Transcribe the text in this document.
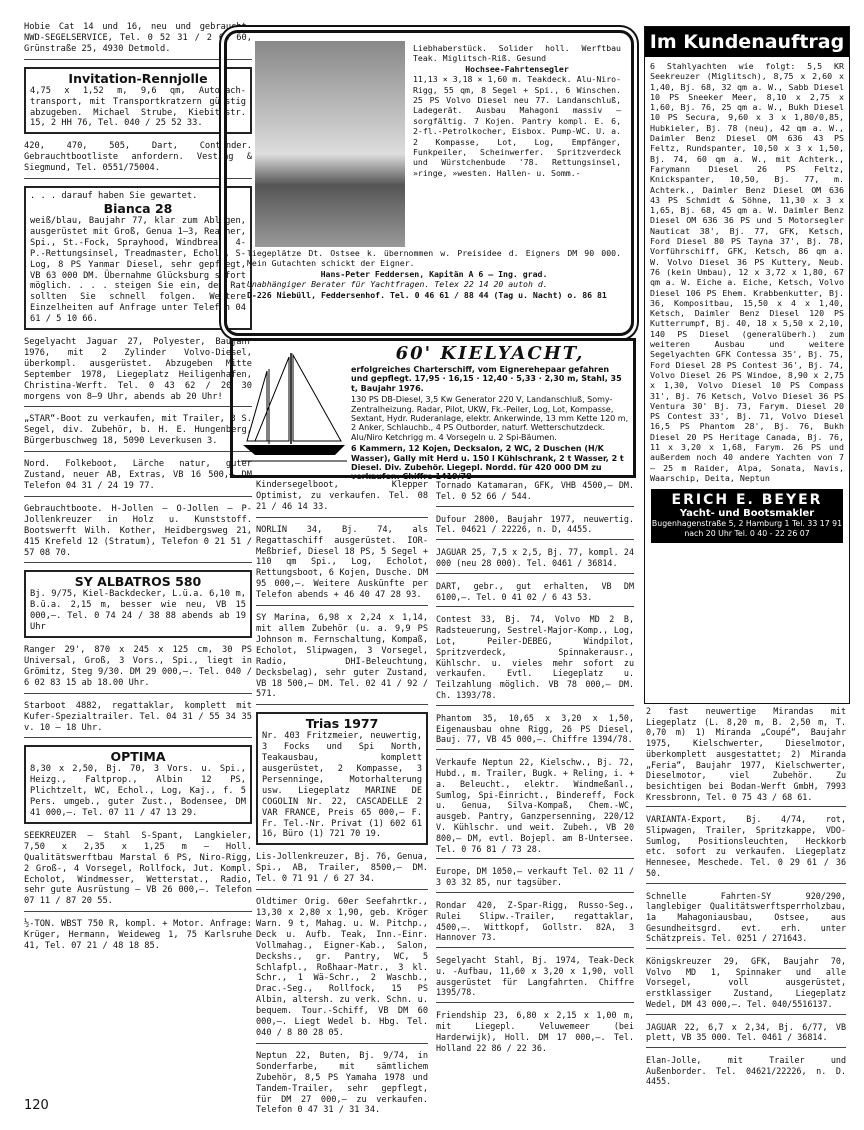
Hobie Cat 14 und 16, neu und gebraucht. NWD-SEGELSERVICE, Tel. 0 52 31 / 2 68 60, Grünstraße 25, 4930 Detmold.
Invitation-Rennjolle
4,75 x 1,52 m, 9,6 qm, Autodach-transport, mit Transportkratzern günstig abzugeben. Michael Strube, Kiebitzstr. 15, 2 HH 76, Tel. 040 / 25 52 33.
420, 470, 505, Dart, Contender. Gebrauchtbootliste anfordern. Vesting & Siegmund, Tel. 0551/75004.
. . . darauf haben Sie gewartet.
Bianca 28
weiß/blau, Baujahr 77, klar zum Ablegen, ausgerüstet mit Groß, Genua 1–3, Reacher, Spi., St.-Fock, Sprayhood, Windbreak, 4-P.-Rettungsinsel, Treadmaster, Echol., S-Log, 8 PS Yanmar Diesel, sehr gepflegt, VB 63 000 DM. Übernahme Glücksburg sofort möglich. . . . steigen Sie ein, dem Rat sollten Sie schnell folgen. Weitere Einzelheiten auf Anfrage unter Telefon 04 61 / 5 10 66.
Segelyacht Jaguar 27, Polyester, Baujahr 1976, mit 2 Zylinder Volvo-Diesel, überkompl. ausgerüstet. Abzugeben Mitte September 1978, Liegeplatz Heiligenhafen, Christina-Werft. Tel. 0 43 62 / 20 30 morgens von 8–9 Uhr, abends ab 20 Uhr!
„STAR“-Boot zu verkaufen, mit Trailer, 3 S. Segel, div. Zubehör, b. H. E. Hungenberg, Bürgerbuschweg 18, 5090 Leverkusen 3.
Nord. Folkeboot, Lärche natur, guter Zustand, neuer AB, Extras, VB 16 500,– DM Telefon 04 31 / 24 19 77.
Gebrauchtboote. H-Jollen — O-Jollen — P-Jollenkreuzer in Holz u. Kunststoff. Bootswerft Wilh. Kother, Heidbergsweg 21, 415 Krefeld 12 (Stratum), Telefon 0 21 51 / 57 08 70.
SY ALBATROS 580
Bj. 9/75, Kiel-Backdecker, L.ü.a. 6,10 m, B.ü.a. 2,15 m, besser wie neu, VB 15 000,–. Tel. 0 74 24 / 38 88 abends ab 19 Uhr
Ranger 29', 870 x 245 x 125 cm, 30 PS Universal, Groß, 3 Vors., Spi., liegt in Grömitz, Steg 9/30. DM 29 000,–. Tel. 040 / 6 02 83 15 ab 18.00 Uhr.
Starboot 4882, regattaklar, komplett mit Kufer-Spezialtrailer. Tel. 04 31 / 55 34 35 v. 10 – 18 Uhr.
OPTIMA
8,30 x 2,50, Bj. 70, 3 Vors. u. Spi., Heizg., Faltprop., Albin 12 PS, Plichtzelt, WC, Echol., Log, Kaj., f. 5 Pers. umgeb., guter Zust., Bodensee, DM 41 000,–. Tel. 07 11 / 47 13 29.
SEEKREUZER — Stahl S-Spant, Langkieler, 7,50 x 2,35 x 1,25 m — Holl. Qualitätswerftbau Marstal 6 PS, Niro-Rigg, 2 Groß-, 4 Vorsegel, Rollfock, Jut. Kompl. Echolot, Windmesser, Wetterstat., Radio, sehr gute Ausrüstung — VB 26 000,–. Telefon 07 11 / 87 20 55.
½-TON. WBST 750 R, kompl. + Motor. Anfrage: Krüger, Hermann, Weideweg 1, 75 Karlsruhe 41, Tel. 07 21 / 48 18 85.
Liebhaberstück. Solider holl. Werftbau Teak. Miglitsch-Riß. Gesund
Hochsee-Fahrtensegler
11,13 × 3,18 × 1,60 m. Teakdeck. Alu-Niro-Rigg, 55 qm, 8 Segel + Spi., 6 Winschen. 25 PS Volvo Diesel neu 77. Landanschluß, Ladegerät. Ausbau Mahagoni massiv — sorgfältig. 7 Kojen. Pantry kompl. E. 6, 2-fl.-Petrolkocher, Eisbox. Pump-WC. U. a. 2 Kompasse, Lot, Log, Empfänger, Funkpeiler, Scheinwerfer. Spritzverdeck und Würstchenbude '78. Rettungsinsel, »ringe, »westen. Hallen- u. Somm.-
liegeplätze Dt. Ostsee k. übernommen w. Preisidee d. Eigners DM 90 000. Mein Gutachten schickt der Eigner.
Hans-Peter Feddersen, Kapitän A 6 — Ing. grad.
Unabhängiger Berater für Yachtfragen. Telex 22 14 20 autoh d.
D-226 Niebüll, Feddersenhof. Tel. 0 46 61 / 88 44 (Tag u. Nacht) o. 86 81
60' KIELYACHT,
erfolgreiches Charterschiff, vom Eignerehepaar gefahren und gepflegt. 17,95 · 16,15 · 12,40 · 5,33 · 2,30 m, Stahl, 35 t, Baujahr 1976.
130 PS DB-Diesel, 3,5 Kw Generator 220 V, Landanschluß, Somy-Zentralheizung. Radar, Pilot, UKW, Fk.-Peiler, Log, Lot, Kompasse, Sextant, Hydr. Ruderanlage, elektr. Ankerwinde, 13 mm Kette 120 m, 2 Anker, Schlauchb., 4 PS Outborder, naturf. Wetterschutzdeck. Alu/Niro Ketchrigg m. 4 Vorsegeln u. 2 Spi-Bäumen.
6 Kammern, 12 Kojen, Decksalon, 2 WC, 2 Duschen (H/K Wasser), Gally mit Herd u. 150 l Kühlschrank, 2 t Wasser, 2 t Diesel. Div. Zubehör. Liegepl. Nordd. für 420 000 DM zu verkaufen. Chiffre 1419/78
Kindersegelboot, Klepper Optimist, zu verkaufen. Tel. 08 21 / 46 14 33.
NORLIN 34, Bj. 74, als Regattaschiff ausgerüstet. IOR-Meßbrief, Diesel 18 PS, 5 Segel + 110 qm Spi., Log, Echolot, Rettungsboot, 6 Kojen, Dusche. DM 95 000,–. Weitere Auskünfte per Telefon abends + 46 40 47 28 93.
SY Marina, 6,98 x 2,24 x 1,14, mit allem Zubehör (u. a. 9,9 PS Johnson m. Fernschaltung, Kompaß, Echolot, Slipwagen, 3 Vorsegel, Radio, DHI-Beleuchtung, Decksbelag), sehr guter Zustand, VB 18 500,– DM. Tel. 02 41 / 92 / 571.
Trias 1977
Nr. 403 Fritzmeier, neuwertig, 3 Focks und Spi North, Teakausbau, komplett ausgerüstet, 2 Kompasse, 3 Persenninge, Motorhalterung usw. Liegeplatz MARINE DE COGOLIN Nr. 22, CASCADELLE 2 VAR FRANCE, Preis 65 000,– F. Fr. Tel.-Nr. Privat (1) 602 61 16, Büro (1) 721 70 19.
Lis-Jollenkreuzer, Bj. 76, Genua, Spi., AB, Trailer, 8500,– DM. Tel. 0 71 91 / 6 27 34.
Oldtimer Orig. 60er Seefahrtkr., 13,30 x 2,80 x 1,90, geb. Kröger Warn. 9 t, Mahag. u. W. Pitchp., Deck u. Aufb. Teak, Inn.-Einr. Vollmahag., Eigner-Kab., Salon, Deckshs., gr. Pantry, WC, 5 Schlafpl., Roßhaar-Matr., 3 kl. Schr., 1 Wä-Schr., 2 Waschb., Drac.-Seg., Rollfock, 15 PS Albin, altersh. zu verk. Schn. u. bequem. Tour.-Schiff, VB DM 60 000,–. Liegt Wedel b. Hbg. Tel. 040 / 8 80 28 05.
Neptun 22, Buten, Bj. 9/74, in Sonderfarbe, mit sämtlichem Zubehör, 8,5 PS Yamaha 1978 und Tandem-Trailer, sehr gepflegt, für DM 27 000,– zu verkaufen. Telefon 0 47 31 / 31 34.
Tornado Katamaran, GFK, VHB 4500,– DM. Tel. 0 52 66 / 544.
Dufour 2800, Baujahr 1977, neuwertig. Tel. 04621 / 22226, n. D, 4455.
JAGUAR 25, 7,5 x 2,5, Bj. 77, kompl. 24 000 (neu 28 000). Tel. 0461 / 36814.
DART, gebr., gut erhalten, VB DM 6100,–. Tel. 0 41 02 / 6 43 53.
Contest 33, Bj. 74, Volvo MD 2 B, Radsteuerung, Sestrel-Major-Komp., Log, Lot, Peiler-DEBEG, Windpilot, Spritzverdeck, Spinnakerausr., Kühlschr. u. vieles mehr sofort zu verkaufen. Evtl. Liegeplatz u. Teilzahlung möglich. VB 78 000,– DM. Ch. 1393/78.
Phantom 35, 10,65 x 3,20 x 1,50, Eigenausbau ohne Rigg, 26 PS Diesel, Bauj. 77, VB 45 000,–. Chiffre 1394/78.
Verkaufe Neptun 22, Kielschw., Bj. 72, Hubd., m. Trailer, Bugk. + Reling, i. + a. Beleucht., elektr. Windmeßanl., Sumlog, Spi-Einricht., Bindereff, Fock u. Genua, Silva-Kompaß, Chem.-WC, ausgeb. Pantry, Ganzpersenning, 220/12 V. Kühlschr. und weit. Zubeh., VB 20 800,– DM, evtl. Bojepl. am B-Untersee. Tel. 0 76 81 / 73 28.
Europe, DM 1050,– verkauft Tel. 02 11 / 3 03 32 85, nur tagsüber.
Rondar 420, Z-Spar-Rigg, Russo-Seg., Rulei Slipw.-Trailer, regattaklar, 4500,–. Wittkopf, Gollstr. 82A, 3 Hannover 73.
Segelyacht Stahl, Bj. 1974, Teak-Deck u. -Aufbau, 11,60 x 3,20 x 1,90, voll ausgerüstet für Langfahrten. Chiffre 1395/78.
Friendship 23, 6,80 x 2,15 x 1,00 m, mit Liegepl. Veluwemeer (bei Harderwijk), Holl. DM 17 000,–. Tel. Holland 22 86 / 22 36.
Im Kundenauftrag
6 Stahlyachten wie folgt: 5,5 KR Seekreuzer (Miglitsch), 8,75 x 2,60 x 1,40, Bj. 68, 32 qm a. W., Sabb Diesel 10 PS Sneeker Meer, 8,10 x 2,75 x 1,60, Bj. 76, 25 qm a. W., Bukh Diesel 10 PS Secura, 9,60 x 3 x 1,80/0,85, Hubkieler, Bj. 78 (neu), 42 qm a. W., Daimler Benz Diesel OM 636 43 PS Feltz, Rundspanter, 10,50 x 3 x 1,50, Bj. 74, 60 qm a. W., mit Achterk., Farymann Diesel 26 PS Feltz, Knickspanter, 10,50, Bj. 77, m. Achterk., Daimler Benz Diesel OM 636 43 PS Schmidt & Söhne, 11,30 x 3 x 1,65, Bj. 68, 45 qm a. W. Daimler Benz Diesel OM 636 36 PS und 5 Motorsegler Nauticat 38', Bj. 77, GFK, Ketsch, Ford Diesel 80 PS Tayna 37', Bj. 78, Vorführschiff, GFK, Ketsch, 86 qm a. W. Volvo Diesel 36 PS Kuttery, Neub. 76 (kein Umbau), 12 x 3,72 x 1,80, 67 qm a. W. Eiche a. Eiche, Ketsch, Volvo Diesel 106 PS Ehem. Krabbenkutter, Bj. 36, Kompositbau, 15,50 x 4 x 1,40, Ketsch, Daimler Benz Diesel 120 PS Kutterrumpf, Bj. 40, 18 x 5,50 x 2,10, 140 PS Diesel (generalüberh.) zum weiteren Ausbau und weitere Segelyachten GFK Contessa 35', Bj. 75, Ford Diesel 28 PS Contest 36', Bj. 74, Volvo Diesel 26 PS Windoe, 8,90 x 2,75 x 1,30, Volvo Diesel 10 PS Compass 31', Bj. 76 Ketsch, Volvo Diesel 36 PS Ventura 30' Bj. 73, Farym. Diesel 20 PS Contest 33', Bj. 71, Volvo Diesel 16,5 PS Phantom 28', Bj. 76, Bukh Diesel 20 PS Heritage Canada, Bj. 76, 11 x 3,20 x 1,68, Farym. 26 PS und außerdem noch 40 andere Yachten von 7 – 25 m Raider, Alpa, Sonata, Navis, Waarschip, Deita, Neptun
ERICH E. BEYER
Yacht- und Bootsmakler
Bugenhagenstraße 5, 2 Hamburg 1 Tel. 33 17 91 nach 20 Uhr Tel. 0 40 - 22 26 07
2 fast neuwertige Mirandas mit Liegeplatz (L. 8,20 m, B. 2,50 m, T. 0,70 m) 1) Miranda „Coupé“, Baujahr 1975, Kielschwerter, Dieselmotor, überkomplett ausgestattet; 2) Miranda „Feria“, Baujahr 1977, Kielschwerter, Dieselmotor, viel Zubehör. Zu besichtigen bei Bodan-Werft GmbH, 7993 Kressbronn, Tel. 0 75 43 / 68 61.
VARIANTA-Export, Bj. 4/74, rot, Slipwagen, Trailer, Spritzkappe, VDO-Sumlog, Positionsleuchten, Heckkorb etc. sofort zu verkaufen. Liegeplatz Hennesee, Meschede. Tel. 0 29 61 / 36 50.
Schnelle Fahrten-SY 920/290, langlebiger Qualitätswerftsperrholzbau, 1a Mahagoniausbau, Ostsee, aus Gesundheitsgrd. evt. erh. unter Schätzpreis. Tel. 0251 / 271643.
Königskreuzer 29, GFK, Baujahr 70, Volvo MD 1, Spinnaker und alle Vorsegel, voll ausgerüstet, erstklassiger Zustand, Liegeplatz Wedel, DM 43 000,–. Tel. 040/5516137.
JAGUAR 22, 6,7 x 2,34, Bj. 6/77, VB plett, VB 35 000. Tel. 0461 / 36814.
Elan-Jolle, mit Trailer und Außenborder. Tel. 04621/22226, n. D. 4455.
120
